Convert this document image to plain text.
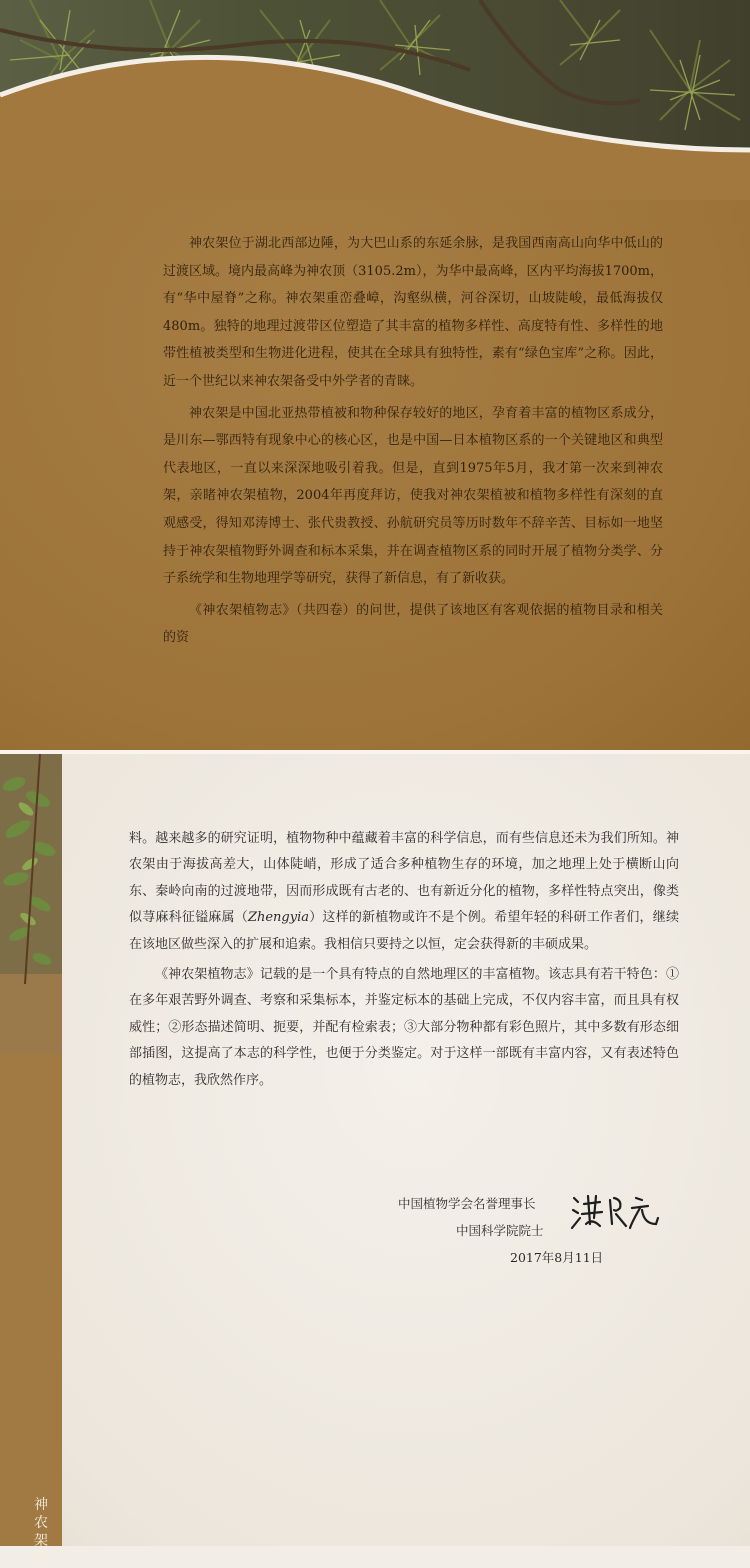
神农架位于湖北西部边陲，为大巴山系的东延余脉，是我国西南高山向华中低山的过渡区域。境内最高峰为神农顶（3105.2m），为华中最高峰，区内平均海拔1700m，有“华中屋脊”之称。神农架重峦叠嶂，沟壑纵横，河谷深切，山坡陡峻，最低海拔仅480m。独特的地理过渡带区位塑造了其丰富的植物多样性、高度特有性、多样性的地带性植被类型和生物进化进程，使其在全球具有独特性，素有“绿色宝库”之称。因此，近一个世纪以来神农架备受中外学者的青睐。

神农架是中国北亚热带植被和物种保存较好的地区，孕育着丰富的植物区系成分，是川东—鄂西特有现象中心的核心区，也是中国—日本植物区系的一个关键地区和典型代表地区，一直以来深深地吸引着我。但是，直到1975年5月，我才第一次来到神农架，亲睹神农架植物，2004年再度拜访，使我对神农架植被和植物多样性有深刻的直观感受，得知邓涛博士、张代贵教授、孙航研究员等历时数年不辞辛苦、目标如一地坚持于神农架植物野外调查和标本采集，并在调查植物区系的同时开展了植物分类学、分子系统学和生物地理学等研究，获得了新信息，有了新收获。

《神农架植物志》（共四卷）的问世，提供了该地区有客观依据的植物目录和相关的资

神
农
架
植

料。越来越多的研究证明，植物物种中蕴藏着丰富的科学信息，而有些信息还未为我们所知。神农架由于海拔高差大，山体陡峭，形成了适合多种植物生存的环境，加之地理上处于横断山向东、秦岭向南的过渡地带，因而形成既有古老的、也有新近分化的植物，多样性特点突出，像类似荨麻科征镒麻属（Zhengyia）这样的新植物或许不是个例。希望年轻的科研工作者们，继续在该地区做些深入的扩展和追索。我相信只要持之以恒，定会获得新的丰硕成果。

《神农架植物志》记载的是一个具有特点的自然地理区的丰富植物。该志具有若干特色：①在多年艰苦野外调查、考察和采集标本，并鉴定标本的基础上完成，不仅内容丰富，而且具有权威性；②形态描述简明、扼要，并配有检索表；③大部分物种都有彩色照片，其中多数有形态细部插图，这提高了本志的科学性，也便于分类鉴定。对于这样一部既有丰富内容，又有表述特色的植物志，我欣然作序。

中国植物学会名誉理事长
中国科学院院士
2017年8月11日
